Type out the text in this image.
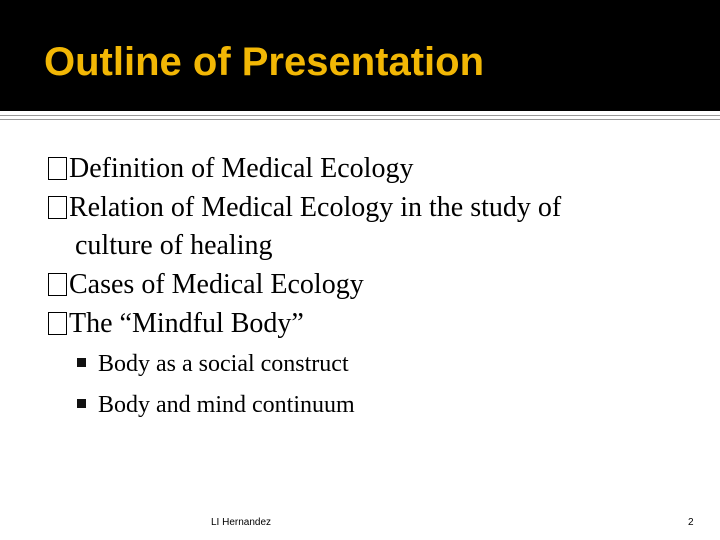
Outline of Presentation
Definition of Medical Ecology
Relation of Medical Ecology in the study of
culture of healing
Cases of Medical Ecology
The “Mindful Body”
Body as a social construct
Body and mind continuum
LI Hernandez	2
